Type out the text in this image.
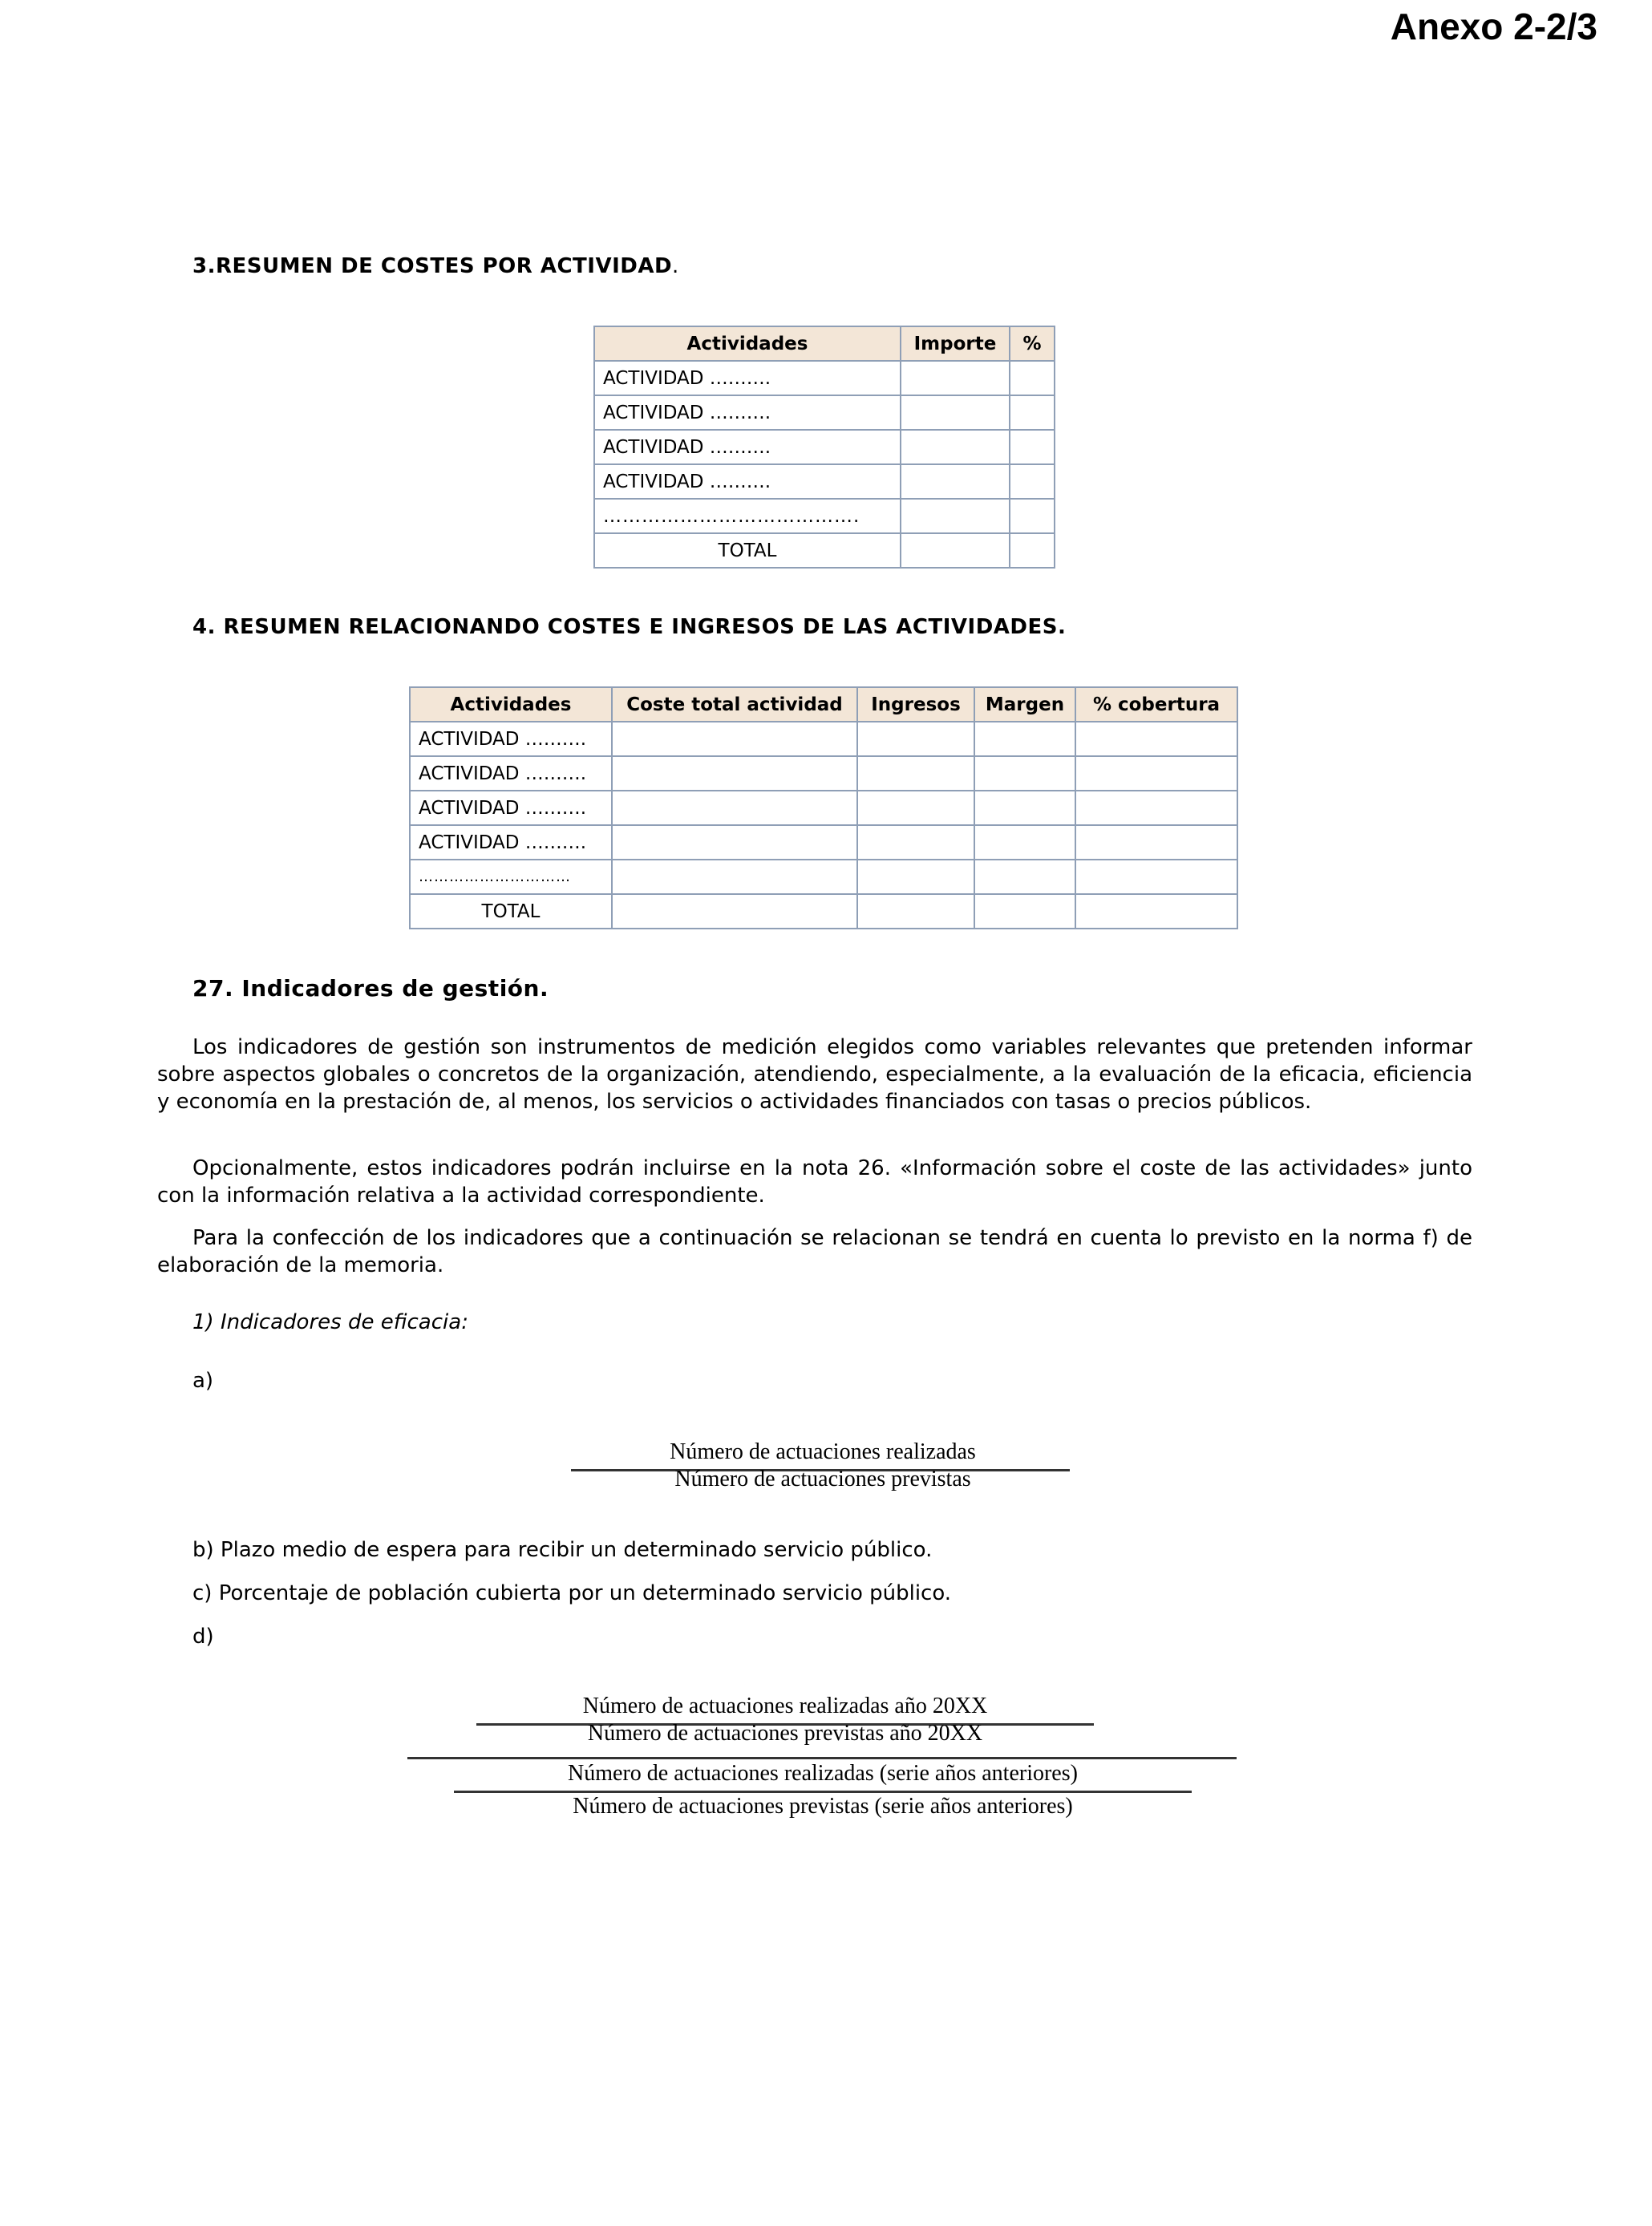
Anexo 2-2/3
3.RESUMEN DE COSTES POR ACTIVIDAD.
Actividades	Importe	%
ACTIVIDAD ……….		
ACTIVIDAD ……….		
ACTIVIDAD ……….		
ACTIVIDAD ……….		
………………………………….		
TOTAL		
4. RESUMEN RELACIONANDO COSTES E INGRESOS DE LAS ACTIVIDADES.
Actividades	Coste total actividad	Ingresos	Margen	% cobertura
ACTIVIDAD ……….				
ACTIVIDAD ……….				
ACTIVIDAD ……….				
ACTIVIDAD ……….				
…………………………				
TOTAL				
27. Indicadores de gestión.
Los indicadores de gestión son instrumentos de medición elegidos como variables relevantes que pretenden informar sobre aspectos globales o concretos de la organización, atendiendo, especialmente, a la evaluación de la eficacia, eficiencia y economía en la prestación de, al menos, los servicios o actividades financiados con tasas o precios públicos.
Opcionalmente, estos indicadores podrán incluirse en la nota 26. «Información sobre el coste de las actividades» junto con la información relativa a la actividad correspondiente.
Para la confección de los indicadores que a continuación se relacionan se tendrá en cuenta lo previsto en la norma f) de elaboración de la memoria.
1) Indicadores de eficacia:
a)
Número de actuaciones realizadas
Número de actuaciones previstas
b) Plazo medio de espera para recibir un determinado servicio público.
c) Porcentaje de población cubierta por un determinado servicio público.
d)
Número de actuaciones realizadas año 20XX
Número de actuaciones previstas año 20XX
Número de actuaciones realizadas (serie años anteriores)
Número de actuaciones previstas (serie años anteriores)
